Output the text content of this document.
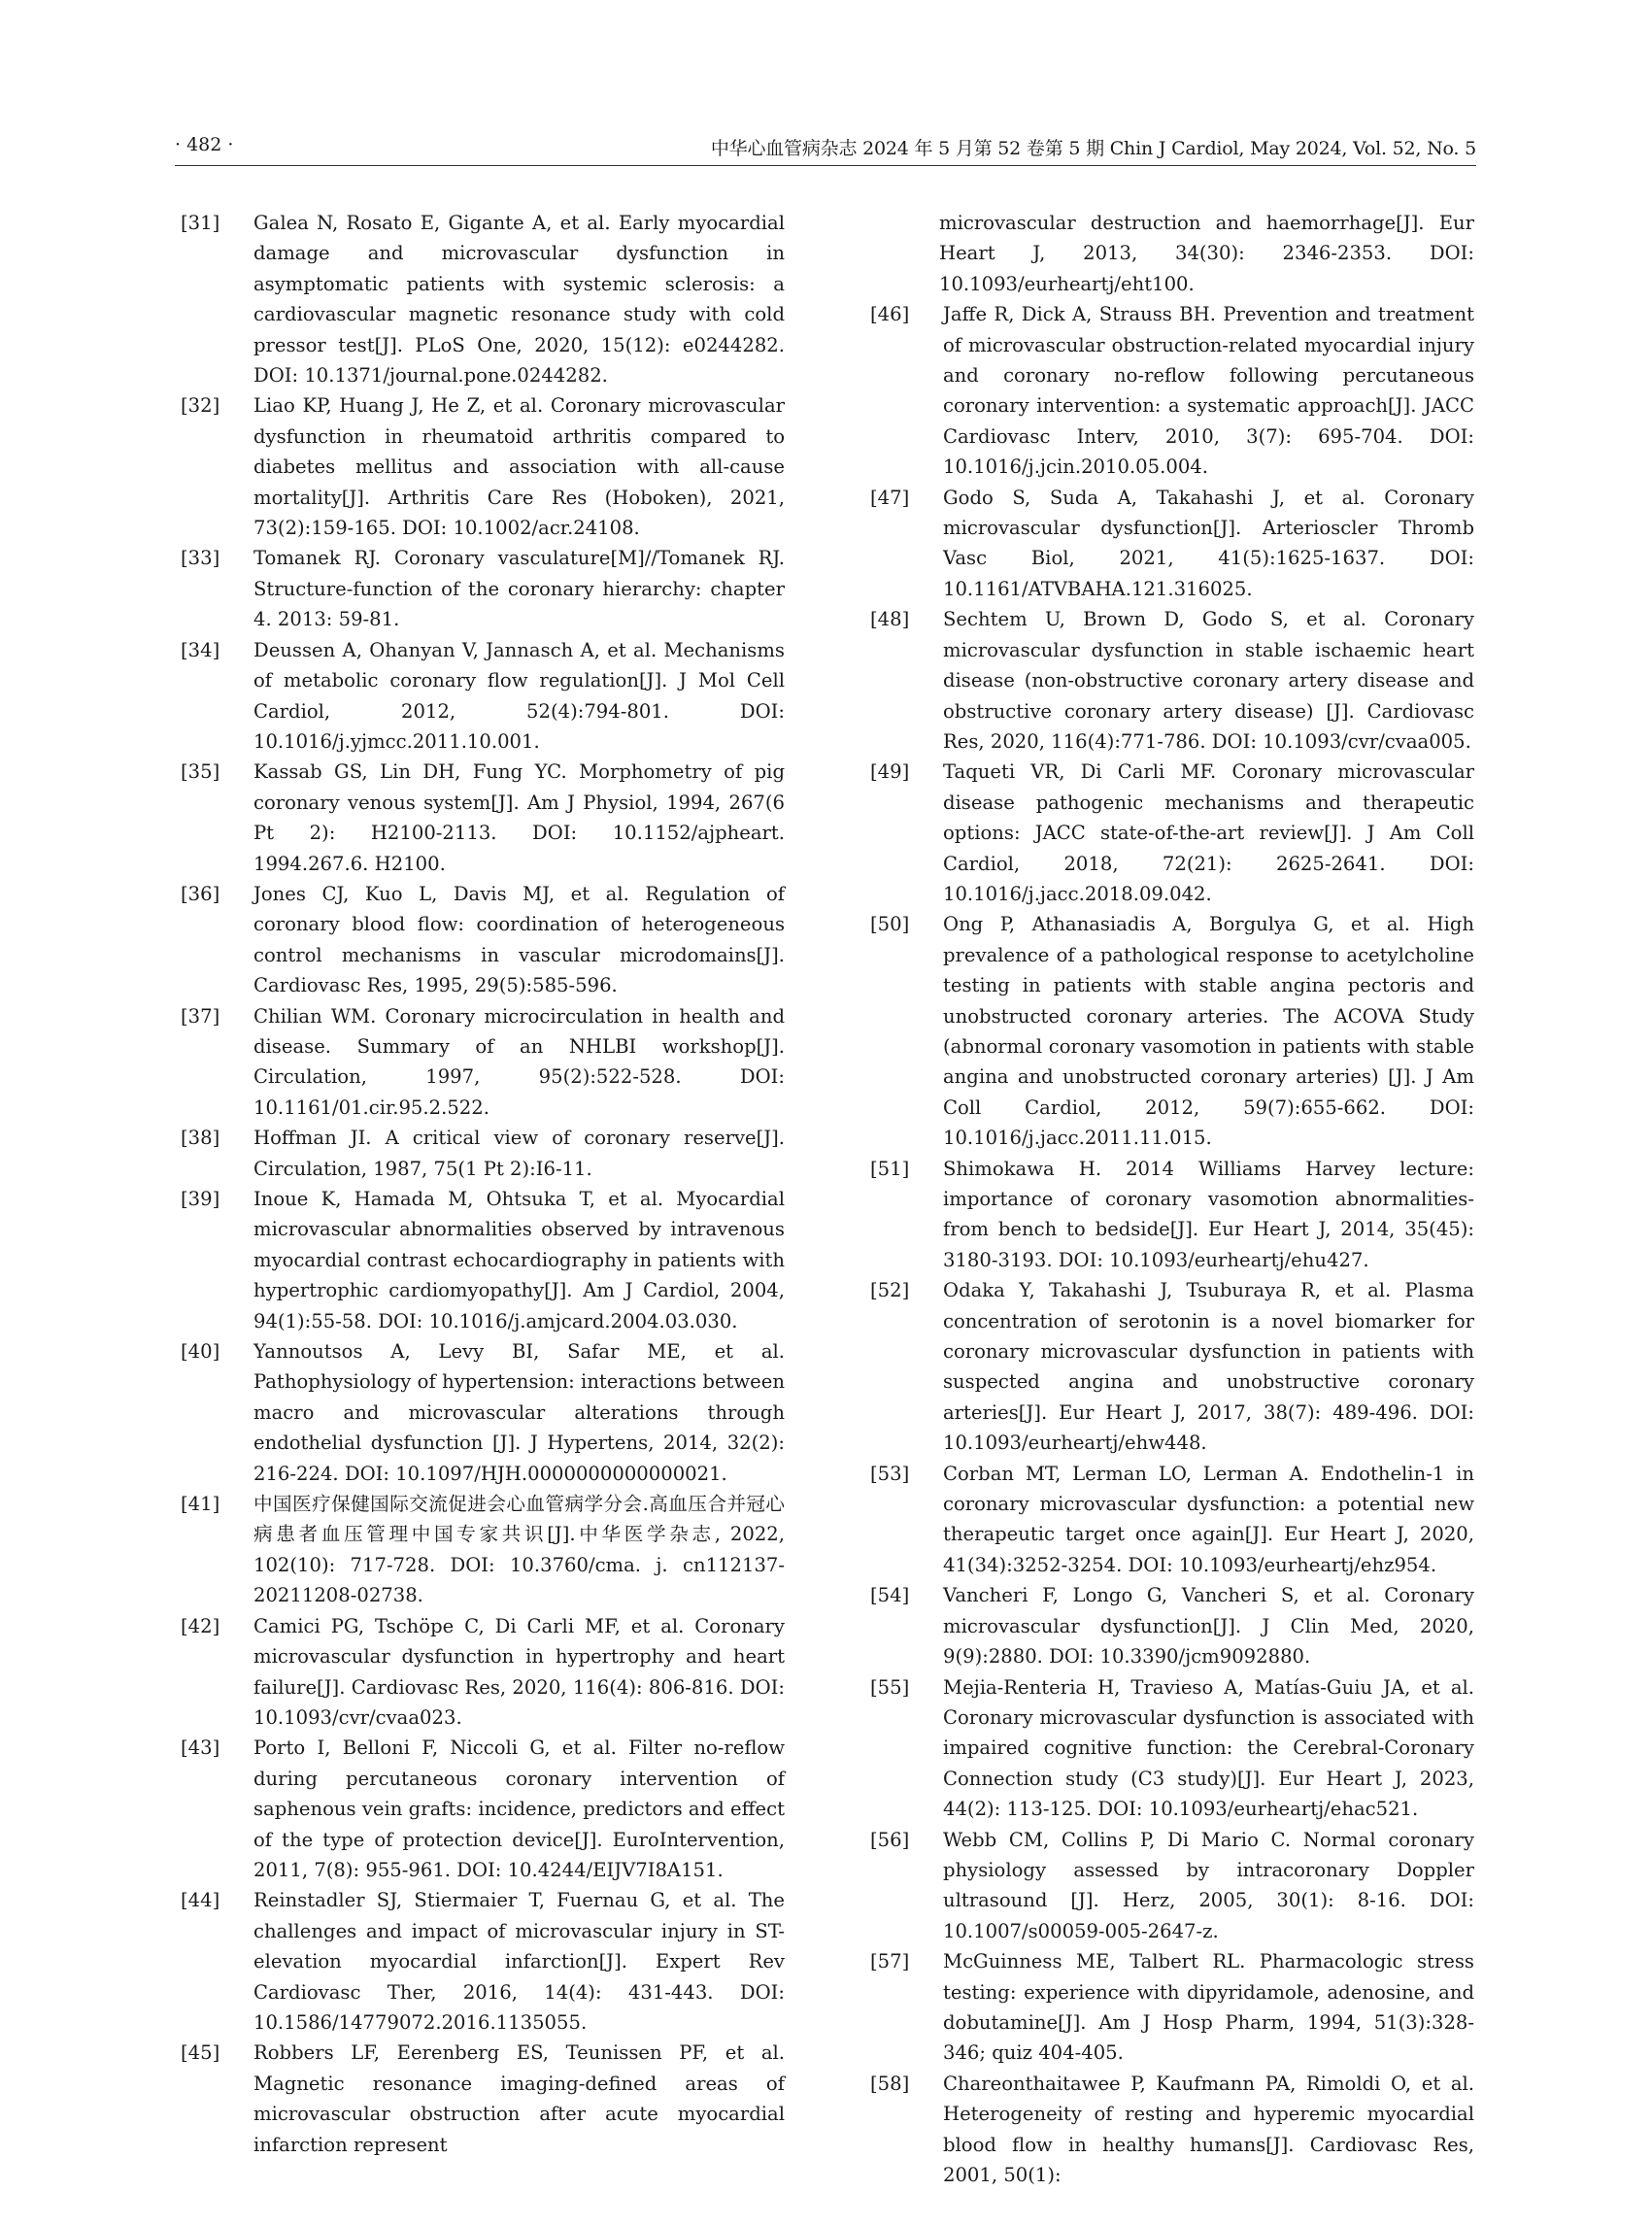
· 482 ·	中华心血管病杂志 2024 年 5 月第 52 卷第 5 期 Chin J Cardiol, May 2024, Vol. 52, No. 5
[31] Galea N, Rosato E, Gigante A, et al. Early myocardial damage and microvascular dysfunction in asymptomatic patients with systemic sclerosis: a cardiovascular magnetic resonance study with cold pressor test[J]. PLoS One, 2020, 15(12): e0244282. DOI: 10.1371/journal.pone.0244282.
[32] Liao KP, Huang J, He Z, et al. Coronary microvascular dysfunction in rheumatoid arthritis compared to diabetes mellitus and association with all-cause mortality[J]. Arthritis Care Res (Hoboken), 2021, 73(2):159-165. DOI: 10.1002/acr.24108.
[33] Tomanek RJ. Coronary vasculature[M]//Tomanek RJ. Structure-function of the coronary hierarchy: chapter 4. 2013: 59-81.
[34] Deussen A, Ohanyan V, Jannasch A, et al. Mechanisms of metabolic coronary flow regulation[J]. J Mol Cell Cardiol, 2012, 52(4):794-801. DOI: 10.1016/j.yjmcc.2011.10.001.
[35] Kassab GS, Lin DH, Fung YC. Morphometry of pig coronary venous system[J]. Am J Physiol, 1994, 267(6 Pt 2): H2100-2113. DOI: 10.1152/ajpheart. 1994.267.6. H2100.
[36] Jones CJ, Kuo L, Davis MJ, et al. Regulation of coronary blood flow: coordination of heterogeneous control mechanisms in vascular microdomains[J]. Cardiovasc Res, 1995, 29(5):585-596.
[37] Chilian WM. Coronary microcirculation in health and disease. Summary of an NHLBI workshop[J]. Circulation, 1997, 95(2):522-528. DOI: 10.1161/01.cir.95.2.522.
[38] Hoffman JI. A critical view of coronary reserve[J]. Circulation, 1987, 75(1 Pt 2):I6-11.
[39] Inoue K, Hamada M, Ohtsuka T, et al. Myocardial microvascular abnormalities observed by intravenous myocardial contrast echocardiography in patients with hypertrophic cardiomyopathy[J]. Am J Cardiol, 2004, 94(1):55-58. DOI: 10.1016/j.amjcard.2004.03.030.
[40] Yannoutsos A, Levy BI, Safar ME, et al. Pathophysiology of hypertension: interactions between macro and microvascular alterations through endothelial dysfunction [J]. J Hypertens, 2014, 32(2): 216-224. DOI: 10.1097/HJH.0000000000000021.
[41] 中国医疗保健国际交流促进会心血管病学分会.高血压合并冠心病患者血压管理中国专家共识[J].中华医学杂志, 2022, 102(10): 717-728. DOI: 10.3760/cma. j. cn112137-20211208-02738.
[42] Camici PG, Tschöpe C, Di Carli MF, et al. Coronary microvascular dysfunction in hypertrophy and heart failure[J]. Cardiovasc Res, 2020, 116(4): 806-816. DOI: 10.1093/cvr/cvaa023.
[43] Porto I, Belloni F, Niccoli G, et al. Filter no-reflow during percutaneous coronary intervention of saphenous vein grafts: incidence, predictors and effect of the type of protection device[J]. EuroIntervention, 2011, 7(8): 955-961. DOI: 10.4244/EIJV7I8A151.
[44] Reinstadler SJ, Stiermaier T, Fuernau G, et al. The challenges and impact of microvascular injury in ST-elevation myocardial infarction[J]. Expert Rev Cardiovasc Ther, 2016, 14(4): 431-443. DOI: 10.1586/14779072.2016.1135055.
[45] Robbers LF, Eerenberg ES, Teunissen PF, et al. Magnetic resonance imaging-defined areas of microvascular obstruction after acute myocardial infarction represent
microvascular destruction and haemorrhage[J]. Eur Heart J, 2013, 34(30): 2346-2353. DOI: 10.1093/eurheartj/eht100.
[46] Jaffe R, Dick A, Strauss BH. Prevention and treatment of microvascular obstruction-related myocardial injury and coronary no-reflow following percutaneous coronary intervention: a systematic approach[J]. JACC Cardiovasc Interv, 2010, 3(7): 695-704. DOI: 10.1016/j.jcin.2010.05.004.
[47] Godo S, Suda A, Takahashi J, et al. Coronary microvascular dysfunction[J]. Arterioscler Thromb Vasc Biol, 2021, 41(5):1625-1637. DOI: 10.1161/ATVBAHA.121.316025.
[48] Sechtem U, Brown D, Godo S, et al. Coronary microvascular dysfunction in stable ischaemic heart disease (non-obstructive coronary artery disease and obstructive coronary artery disease) [J]. Cardiovasc Res, 2020, 116(4):771-786. DOI: 10.1093/cvr/cvaa005.
[49] Taqueti VR, Di Carli MF. Coronary microvascular disease pathogenic mechanisms and therapeutic options: JACC state-of-the-art review[J]. J Am Coll Cardiol, 2018, 72(21): 2625-2641. DOI: 10.1016/j.jacc.2018.09.042.
[50] Ong P, Athanasiadis A, Borgulya G, et al. High prevalence of a pathological response to acetylcholine testing in patients with stable angina pectoris and unobstructed coronary arteries. The ACOVA Study (abnormal coronary vasomotion in patients with stable angina and unobstructed coronary arteries) [J]. J Am Coll Cardiol, 2012, 59(7):655-662. DOI: 10.1016/j.jacc.2011.11.015.
[51] Shimokawa H. 2014 Williams Harvey lecture: importance of coronary vasomotion abnormalities-from bench to bedside[J]. Eur Heart J, 2014, 35(45): 3180-3193. DOI: 10.1093/eurheartj/ehu427.
[52] Odaka Y, Takahashi J, Tsuburaya R, et al. Plasma concentration of serotonin is a novel biomarker for coronary microvascular dysfunction in patients with suspected angina and unobstructive coronary arteries[J]. Eur Heart J, 2017, 38(7): 489-496. DOI: 10.1093/eurheartj/ehw448.
[53] Corban MT, Lerman LO, Lerman A. Endothelin-1 in coronary microvascular dysfunction: a potential new therapeutic target once again[J]. Eur Heart J, 2020, 41(34):3252-3254. DOI: 10.1093/eurheartj/ehz954.
[54] Vancheri F, Longo G, Vancheri S, et al. Coronary microvascular dysfunction[J]. J Clin Med, 2020, 9(9):2880. DOI: 10.3390/jcm9092880.
[55] Mejia-Renteria H, Travieso A, Matías-Guiu JA, et al. Coronary microvascular dysfunction is associated with impaired cognitive function: the Cerebral-Coronary Connection study (C3 study)[J]. Eur Heart J, 2023, 44(2): 113-125. DOI: 10.1093/eurheartj/ehac521.
[56] Webb CM, Collins P, Di Mario C. Normal coronary physiology assessed by intracoronary Doppler ultrasound [J]. Herz, 2005, 30(1): 8-16. DOI: 10.1007/s00059-005-2647-z.
[57] McGuinness ME, Talbert RL. Pharmacologic stress testing: experience with dipyridamole, adenosine, and dobutamine[J]. Am J Hosp Pharm, 1994, 51(3):328-346; quiz 404-405.
[58] Chareonthaitawee P, Kaufmann PA, Rimoldi O, et al. Heterogeneity of resting and hyperemic myocardial blood flow in healthy humans[J]. Cardiovasc Res, 2001, 50(1):
